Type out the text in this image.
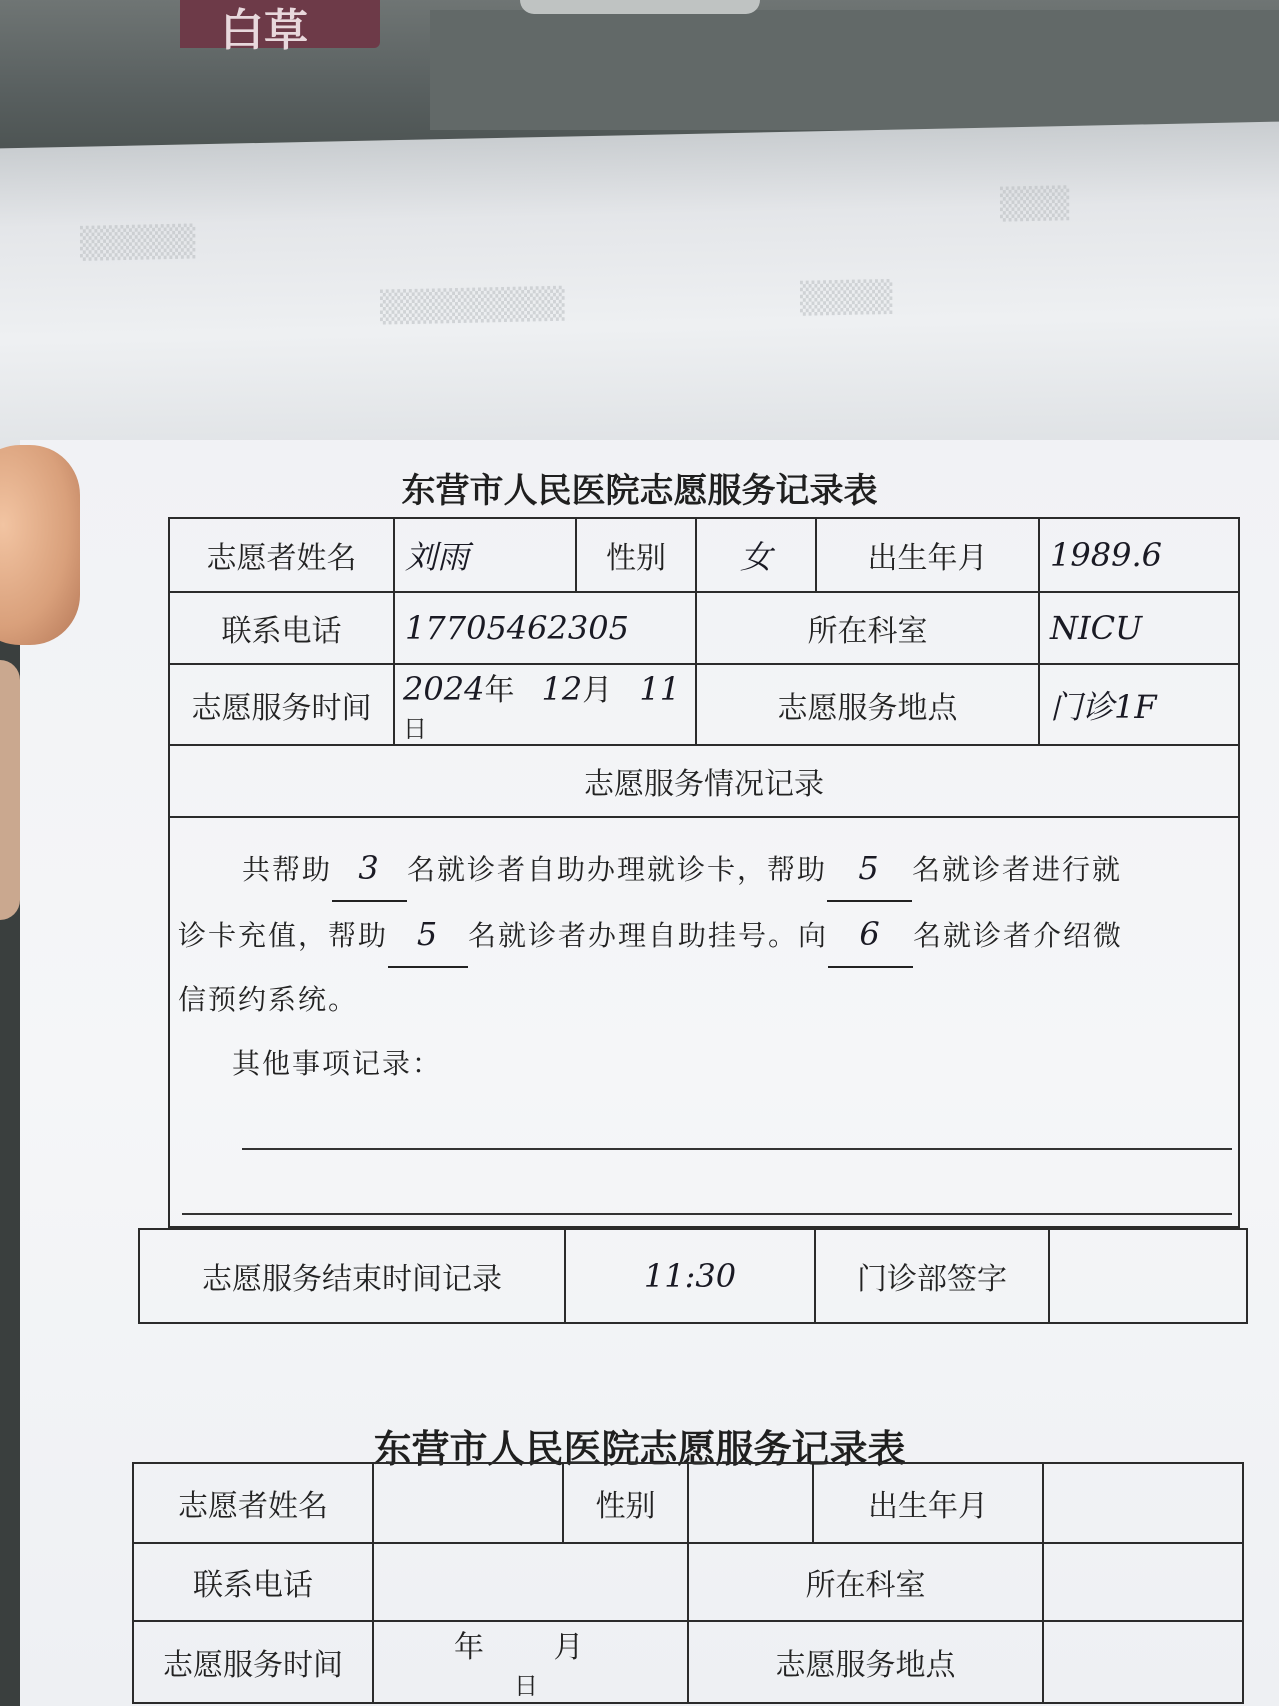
白草
▒▒▒▒▒
▒▒▒▒▒▒▒▒	▒▒▒▒
▒▒▒
东营市人民医院志愿服务记录表
志愿者姓名	刘雨	性别	女	出生年月	1989.6
联系电话	17705462305		所在科室		NICU
志愿服务时间	2024年 12月 11日		志愿服务地点		门诊1F
志愿服务情况记录					

共帮助 3 名就诊者自助办理就诊卡，帮助 5 名就诊者进行就
诊卡充值，帮助 5 名就诊者办理自助挂号。向 6 名就诊者介绍微
信预约系统。
其他事项记录：					
志愿服务结束时间记录	11:30	门诊部签字	
东营市人民医院志愿服务记录表
志愿者姓名		性别		出生年月	
联系电话			所在科室		
志愿服务时间	年 月 日		志愿服务地点		
